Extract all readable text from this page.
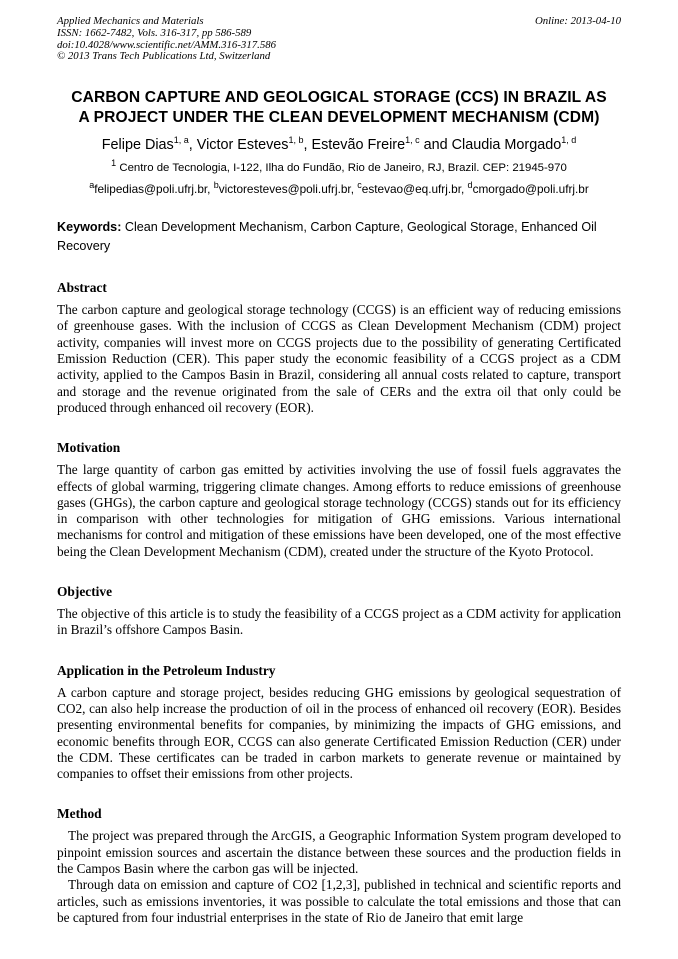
Applied Mechanics and Materials
ISSN: 1662-7482, Vols. 316-317, pp 586-589
doi:10.4028/www.scientific.net/AMM.316-317.586
© 2013 Trans Tech Publications Ltd, Switzerland
Online: 2013-04-10
CARBON CAPTURE AND GEOLOGICAL STORAGE (CCS) IN BRAZIL AS
A PROJECT UNDER THE CLEAN DEVELOPMENT MECHANISM (CDM)
Felipe Dias$^{1, a}$, Victor Esteves$^{1, b}$, Estevão Freire$^{1, c}$ and Claudia Morgado$^{1, d}$
$^1$ Centro de Tecnologia, I-122, Ilha do Fundão, Rio de Janeiro, RJ, Brazil. CEP: 21945-970
$^a$felipedias@poli.ufrj.br, $^b$victoresteves@poli.ufrj.br, $^c$estevao@eq.ufrj.br, $^d$cmorgado@poli.ufrj.br
Keywords: Clean Development Mechanism, Carbon Capture, Geological Storage, Enhanced Oil Recovery
Abstract

The carbon capture and geological storage technology (CCGS) is an efficient way of reducing emissions of greenhouse gases. With the inclusion of CCGS as Clean Development Mechanism (CDM) project activity, companies will invest more on CCGS projects due to the possibility of generating Certificated Emission Reduction (CER). This paper study the economic feasibility of a CCGS project as a CDM activity, applied to the Campos Basin in Brazil, considering all annual costs related to capture, transport and storage and the revenue originated from the sale of CERs and the extra oil that only could be produced through enhanced oil recovery (EOR).

Motivation

The large quantity of carbon gas emitted by activities involving the use of fossil fuels aggravates the effects of global warming, triggering climate changes. Among efforts to reduce emissions of greenhouse gases (GHGs), the carbon capture and geological storage technology (CCGS) stands out for its efficiency in comparison with other technologies for mitigation of GHG emissions. Various international mechanisms for control and mitigation of these emissions have been developed, one of the most effective being the Clean Development Mechanism (CDM), created under the structure of the Kyoto Protocol.

Objective

The objective of this article is to study the feasibility of a CCGS project as a CDM activity for application in Brazil’s offshore Campos Basin.

Application in the Petroleum Industry

A carbon capture and storage project, besides reducing GHG emissions by geological sequestration of CO2, can also help increase the production of oil in the process of enhanced oil recovery (EOR). Besides presenting environmental benefits for companies, by minimizing the impacts of GHG emissions, and economic benefits through EOR, CCGS can also generate Certificated Emission Reduction (CER) under the CDM. These certificates can be traded in carbon markets to generate revenue or maintained by companies to offset their emissions from other projects.

Method

The project was prepared through the ArcGIS, a Geographic Information System program developed to pinpoint emission sources and ascertain the distance between these sources and the production fields in the Campos Basin where the carbon gas will be injected.

Through data on emission and capture of CO2 [1,2,3], published in technical and scientific reports and articles, such as emissions inventories, it was possible to calculate the total emissions and those that can be captured from four industrial enterprises in the state of Rio de Janeiro that emit large
